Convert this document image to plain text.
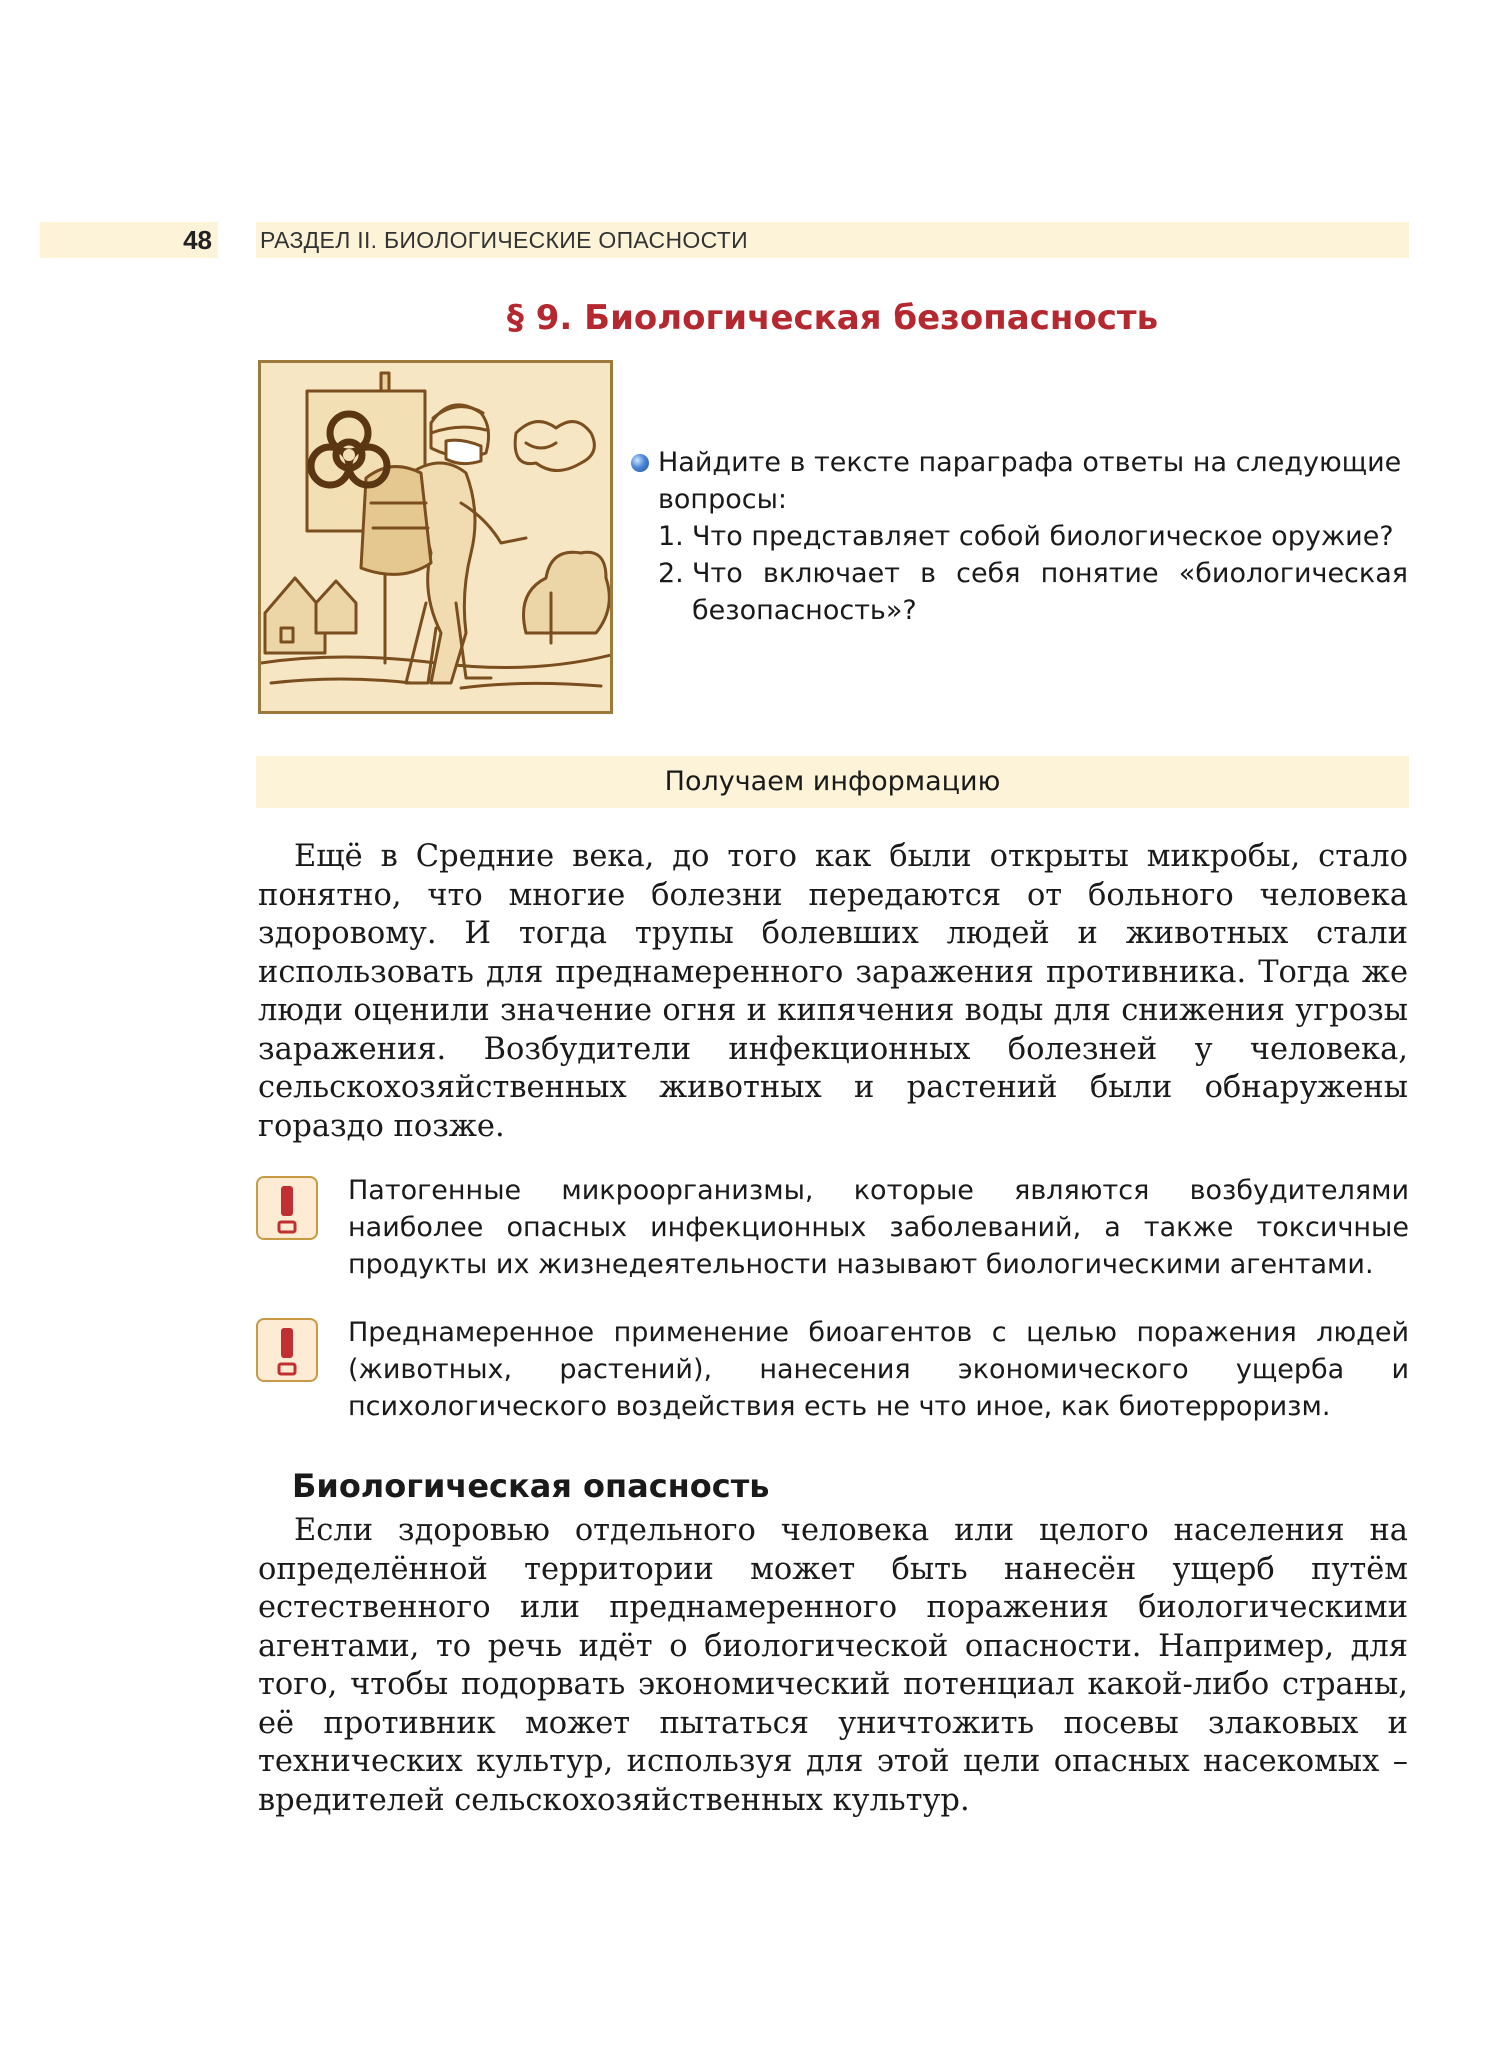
48 РАЗДЕЛ II. БИОЛОГИЧЕСКИЕ ОПАСНОСТИ
§ 9. Биологическая безопасность
Найдите в тексте параграфа ответы на следующие вопросы:
1. Что представляет собой биологическое оружие?
2. Что включает в себя понятие «биологическая безопасность»?
Получаем информацию

Ещё в Средние века, до того как были открыты микробы, стало понятно, что многие болезни передаются от больного человека здоровому. И тогда трупы болевших людей и животных стали использовать для преднамеренного заражения противника. Тогда же люди оценили значение огня и кипячения воды для снижения угрозы заражения. Возбудители инфекционных болезней у человека, сельскохозяйственных животных и растений были обнаружены гораздо позже.

Патогенные микроорганизмы, которые являются возбудителями наиболее опасных инфекционных заболеваний, а также токсичные продукты их жизнедеятельности называют биологическими агентами.
Преднамеренное применение биоагентов с целью поражения людей (животных, растений), нанесения экономического ущерба и психологического воздействия есть не что иное, как биотерроризм.
Биологическая опасность

Если здоровью отдельного человека или целого населения на определённой территории может быть нанесён ущерб путём естественного или преднамеренного поражения биологическими агентами, то речь идёт о биологической опасности. Например, для того, чтобы подорвать экономический потенциал какой-либо страны, её противник может пытаться уничтожить посевы злаковых и технических культур, используя для этой цели опасных насекомых – вредителей сельскохозяйственных культур.
